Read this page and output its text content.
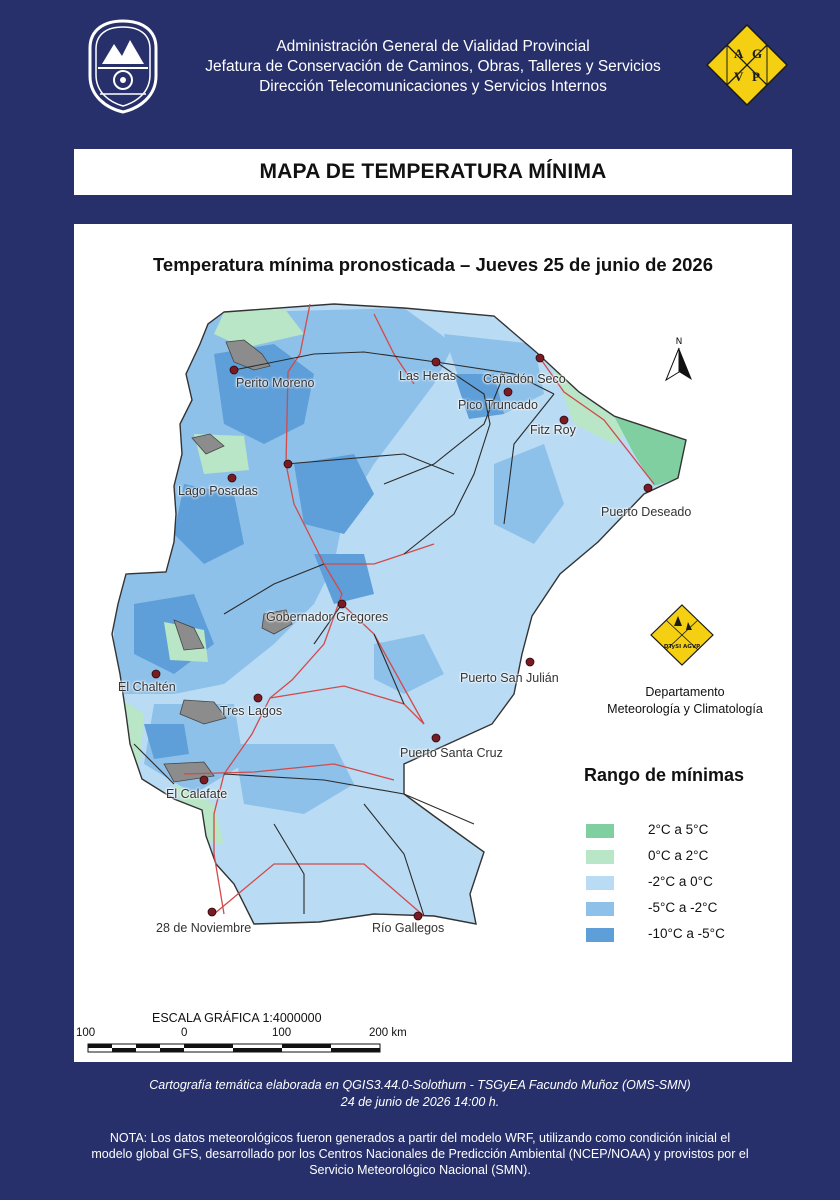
Administración General de Vialidad Provincial
Jefatura de Conservación de Caminos, Obras, Talleres y Servicios
Dirección Telecomunicaciones y Servicios Internos
A G
V P
MAPA DE TEMPERATURA MÍNIMA
Temperatura mínima pronosticada – Jueves 25 de junio de 2026
N
Perito Moreno	Las Heras Cañadón Seco
Pico Truncado
Fitz Roy
Lago Posadas
Puerto Deseado
Gobernador Gregores
Puerto San Julián
El Chaltén
Tres Lagos
Puerto Santa Cruz
El Calafate
28 de Noviembre	Río Gallegos
DTySI AGVP
Departamento
Meteorología y Climatología
Rango de mínimas
2°C a 5°C
0°C a 2°C
-2°C a 0°C
-5°C a -2°C
-10°C a -5°C
ESCALA GRÁFICA 1:4000000
100	0	100	200 km
Cartografía temática elaborada en QGIS3.44.0-Solothurn - TSGyEA Facundo Muñoz (OMS-SMN)
24 de junio de 2026 14:00 h.
NOTA: Los datos meteorológicos fueron generados a partir del modelo WRF, utilizando como condición inicial el modelo global GFS, desarrollado por los Centros Nacionales de Predicción Ambiental (NCEP/NOAA) y provistos por el Servicio Meteorológico Nacional (SMN).
